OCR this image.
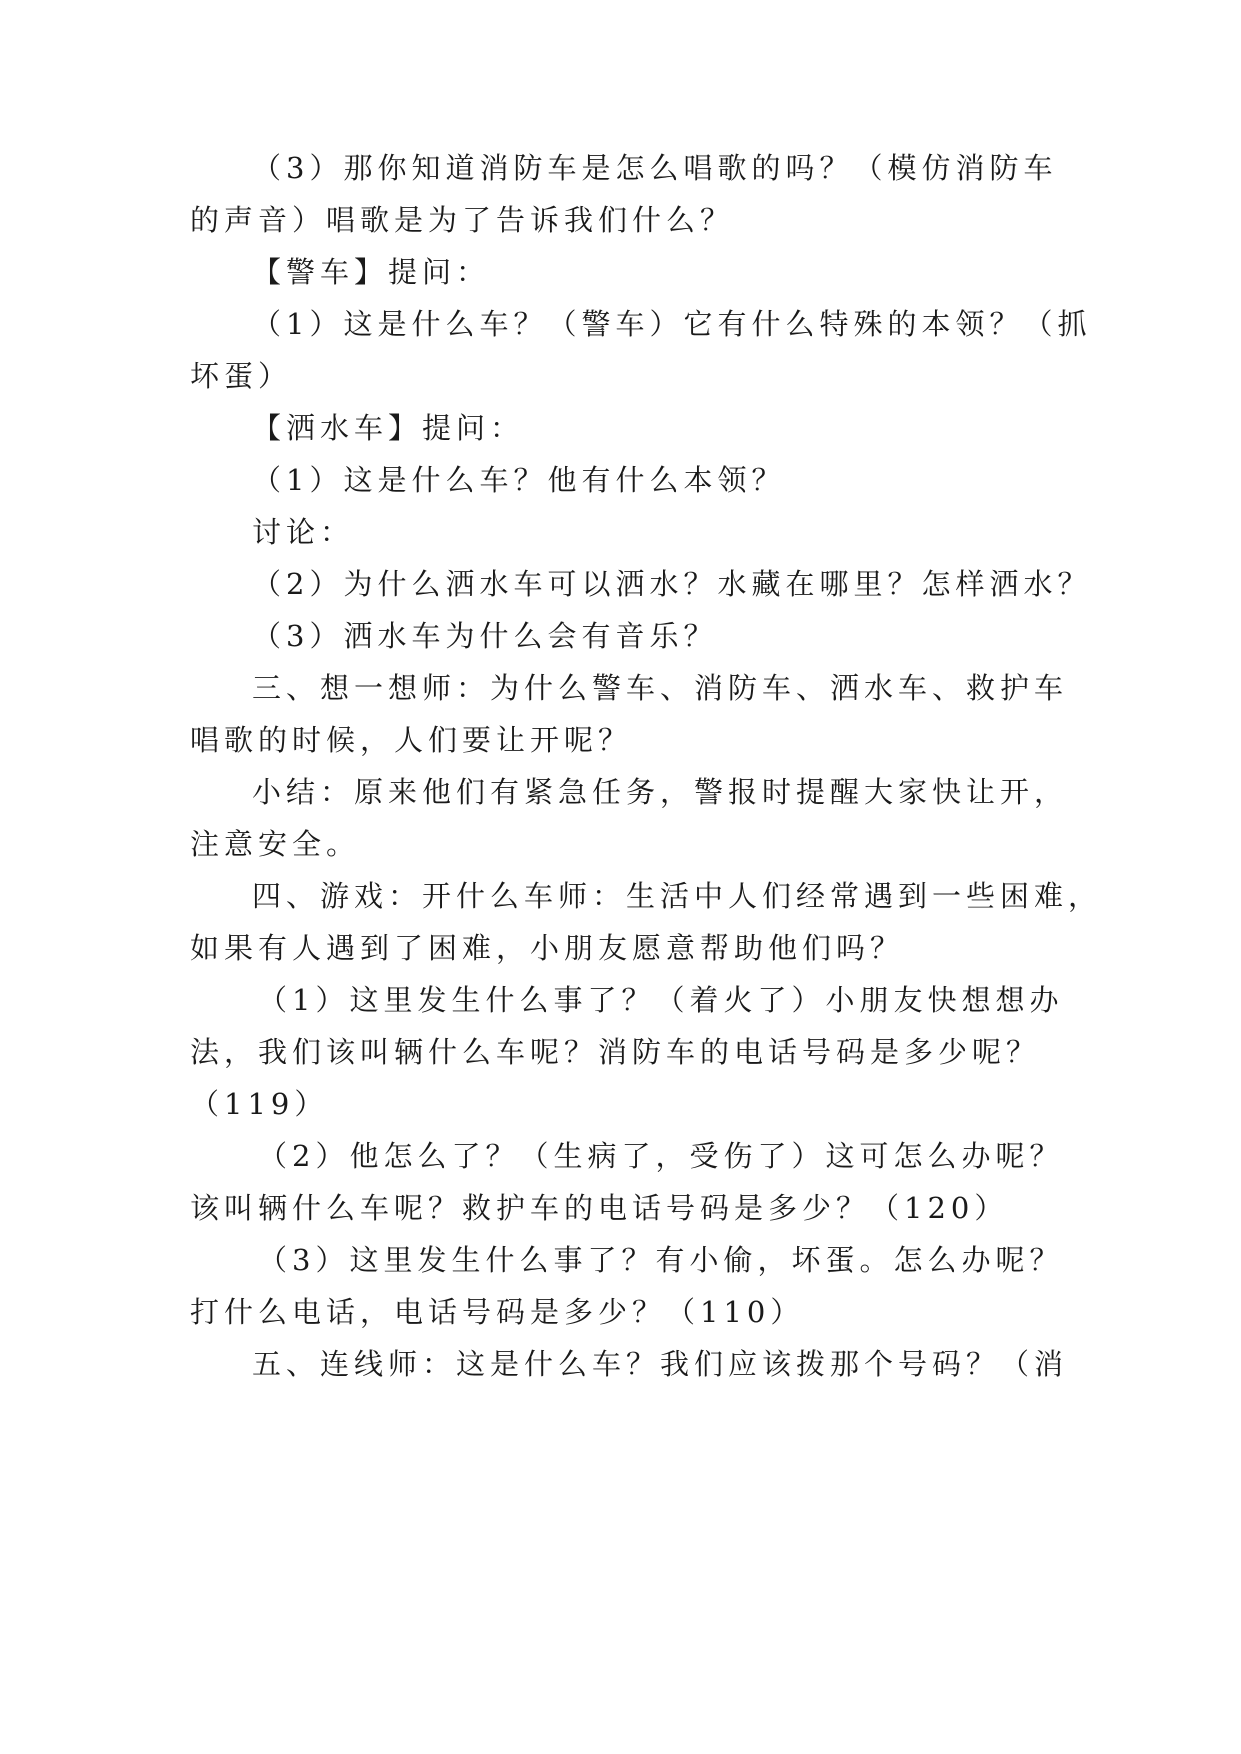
（3）那你知道消防车是怎么唱歌的吗？（模仿消防车
的声音）唱歌是为了告诉我们什么？
【警车】提问：
（1）这是什么车？（警车）它有什么特殊的本领？（抓
坏蛋）
【洒水车】提问：
（1）这是什么车？他有什么本领？
讨论：
（2）为什么洒水车可以洒水？水藏在哪里？怎样洒水？
（3）洒水车为什么会有音乐？
三、想一想师：为什么警车、消防车、洒水车、救护车
唱歌的时候，人们要让开呢？
小结：原来他们有紧急任务，警报时提醒大家快让开，
注意安全。
四、游戏：开什么车师：生活中人们经常遇到一些困难，
如果有人遇到了困难，小朋友愿意帮助他们吗？
（1）这里发生什么事了？（着火了）小朋友快想想办
法，我们该叫辆什么车呢？消防车的电话号码是多少呢？
（119）
（2）他怎么了？（生病了，受伤了）这可怎么办呢？
该叫辆什么车呢？救护车的电话号码是多少？（120）
（3）这里发生什么事了？有小偷，坏蛋。怎么办呢？
打什么电话，电话号码是多少？（110）
五、连线师：这是什么车？我们应该拨那个号码？（消
